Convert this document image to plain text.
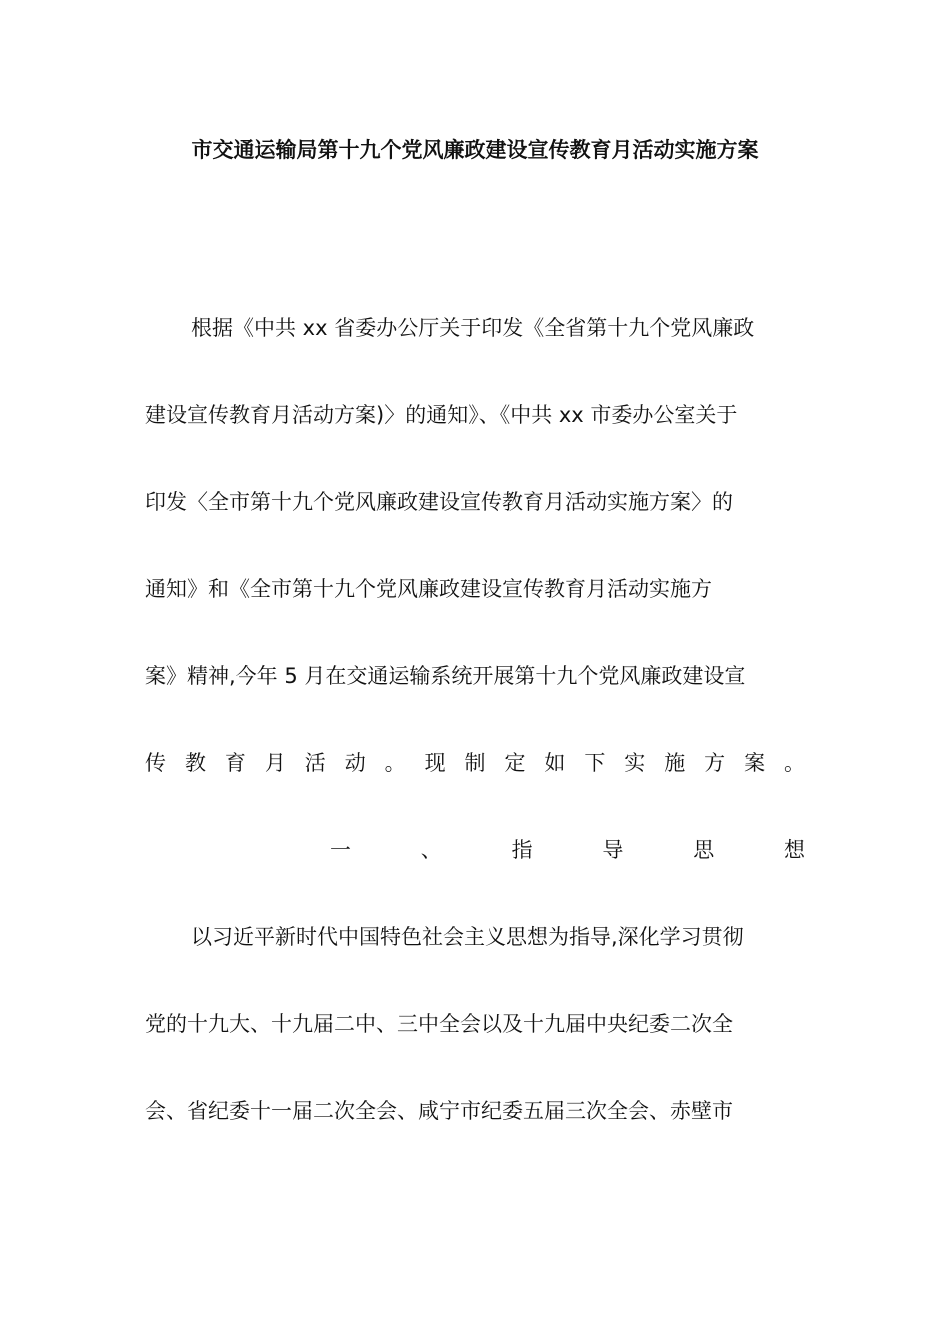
市交通运输局第十九个党风廉政建设宣传教育月活动实施方案
根据《中共 xx 省委办公厅关于印发《全省第十九个党风廉政
建设宣传教育月活动方案)〉的通知》、《中共 xx 市委办公室关于
印发〈全市第十九个党风廉政建设宣传教育月活动实施方案〉的
通知》和《全市第十九个党风廉政建设宣传教育月活动实施方
案》精神,今年 5 月在交通运输系统开展第十九个党风廉政建设宣
传 教 育 月 活 动 。 现 制 定 如 下 实 施 方 案 。
一	、	指	导	思	想
以习近平新时代中国特色社会主义思想为指导,深化学习贯彻
党的十九大、十九届二中、三中全会以及十九届中央纪委二次全
会、省纪委十一届二次全会、咸宁市纪委五届三次全会、赤壁市
